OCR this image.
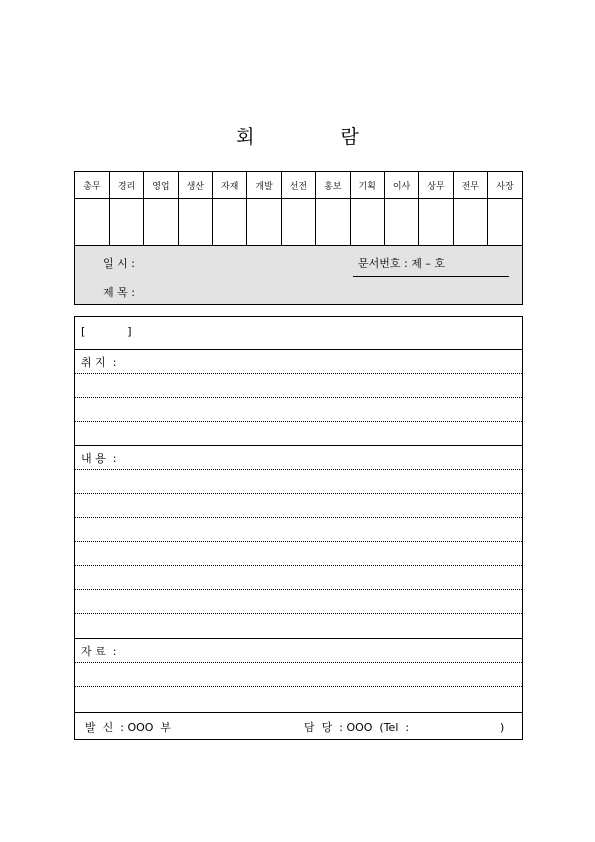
회	람
총무	경리	영업	생산	자재	개발	선전	홍보	기획	이사	상무	전무	사장

일 시 :	문서번호 : 제 – 호
제 목 :
[            ]
취 지  :
내 용  :
자 료  :
발  신  : OOO  부	담  당  : OOO  (Tel  :                          )
